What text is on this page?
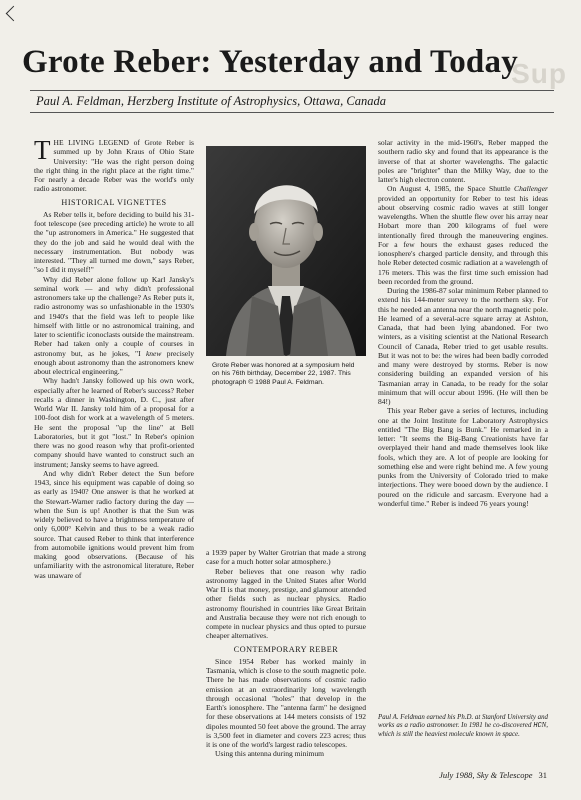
Sup
Grote Reber: Yesterday and Today
Paul A. Feldman, Herzberg Institute of Astrophysics, Ottawa, Canada

THE LIVING LEGEND of Grote Reber is summed up by John Kraus of Ohio State University: "He was the right person doing the right thing in the right place at the right time." For nearly a decade Reber was the world's only radio astronomer.

HISTORICAL VIGNETTES

As Reber tells it, before deciding to build his 31-foot telescope (see preceding article) he wrote to all the "up astronomers in America." He suggested that they do the job and said he would deal with the necessary instrumentation. But nobody was interested. "They all turned me down," says Reber, "so I did it myself!"

Why did Reber alone follow up Karl Jansky's seminal work — and why didn't professional astronomers take up the challenge? As Reber puts it, radio astronomy was so unfashionable in the 1930's and 1940's that the field was left to people like himself with little or no astronomical training, and later to scientific iconoclasts outside the mainstream. Reber had taken only a couple of courses in astronomy but, as he jokes, "I knew precisely enough about astronomy than the astronomers knew about electrical engineering."

Why hadn't Jansky followed up his own work, especially after he learned of Reber's success? Reber recalls a dinner in Washington, D. C., just after World War II. Jansky told him of a proposal for a 100-foot dish for work at a wavelength of 5 meters. He sent the proposal "up the line" at Bell Laboratories, but it got "lost." In Reber's opinion there was no good reason why that profit-oriented company should have wanted to construct such an instrument; Jansky seems to have agreed.

And why didn't Reber detect the Sun before 1943, since his equipment was capable of doing so as early as 1940? One answer is that he worked at the Stewart-Warner radio factory during the day — when the Sun is up! Another is that the Sun was widely believed to have a brightness temperature of only 6,000° Kelvin and thus to be a weak radio source. That caused Reber to think that interference from automobile ignitions would prevent him from making good observations. (Because of his unfamiliarity with the astronomical literature, Reber was unaware of

Grote Reber was honored at a symposium held on his 76th birthday, December 22, 1987. This photograph © 1988 Paul A. Feldman.

a 1939 paper by Walter Grotrian that made a strong case for a much hotter solar atmosphere.)

Reber believes that one reason why radio astronomy lagged in the United States after World War II is that money, prestige, and glamour attended other fields such as nuclear physics. Radio astronomy flourished in countries like Great Britain and Australia because they were not rich enough to compete in nuclear physics and thus opted to pursue cheaper alternatives.

CONTEMPORARY REBER

Since 1954 Reber has worked mainly in Tasmania, which is close to the south magnetic pole. There he has made observations of cosmic radio emission at an extraordinarily long wavelength through occasional "holes" that develop in the Earth's ionosphere. The "antenna farm" he designed for these observations at 144 meters consists of 192 dipoles mounted 50 feet above the ground. The array is 3,500 feet in diameter and covers 223 acres; thus it is one of the world's largest radio telescopes.

Using this antenna during minimum

solar activity in the mid-1960's, Reber mapped the southern radio sky and found that its appearance is the inverse of that at shorter wavelengths. The galactic poles are "brighter" than the Milky Way, due to the latter's high electron content.

On August 4, 1985, the Space Shuttle Challenger provided an opportunity for Reber to test his ideas about observing cosmic radio waves at still longer wavelengths. When the shuttle flew over his array near Hobart more than 200 kilograms of fuel were intentionally fired through the maneuvering engines. For a few hours the exhaust gases reduced the ionosphere's charged particle density, and through this hole Reber detected cosmic radiation at a wavelength of 176 meters. This was the first time such emission had been recorded from the ground.

During the 1986-87 solar minimum Reber planned to extend his 144-meter survey to the northern sky. For this he needed an antenna near the north magnetic pole. He learned of a several-acre square array at Ashton, Canada, that had been lying abandoned. For two winters, as a visiting scientist at the National Research Council of Canada, Reber tried to get usable results. But it was not to be: the wires had been badly corroded and many were destroyed by storms. Reber is now considering building an expanded version of his Tasmanian array in Canada, to be ready for the solar minimum that will occur about 1996. (He will then be 84!)

This year Reber gave a series of lectures, including one at the Joint Institute for Laboratory Astrophysics entitled "The Big Bang is Bunk." He remarked in a letter: "It seems the Big-Bang Creationists have far overplayed their hand and made themselves look like fools, which they are. A lot of people are looking for something else and were right behind me. A few young punks from the University of Colorado tried to make interjections. They were booed down by the audience. I poured on the ridicule and sarcasm. Everyone had a wonderful time." Reber is indeed 76 years young!

Paul A. Feldman earned his Ph.D. at Stanford University and works as a radio astronomer. In 1981 he co-discovered HCN, which is still the heaviest molecule known in space.
July 1988, Sky & Telescope 31
